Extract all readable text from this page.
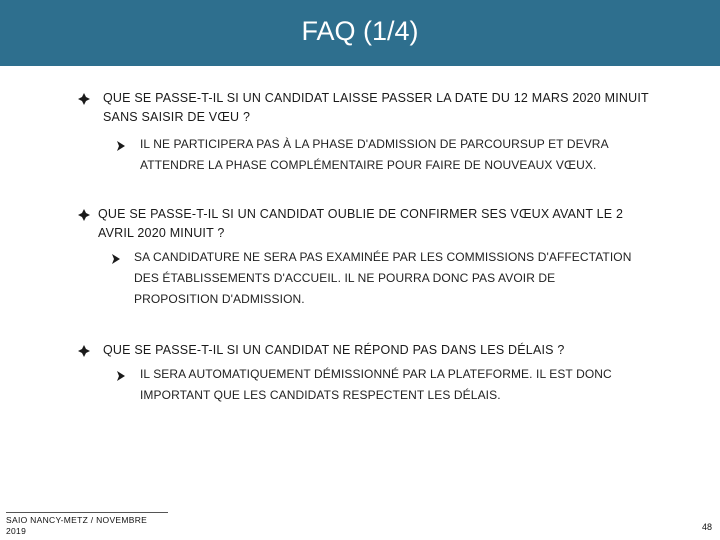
FAQ (1/4)
QUE SE PASSE-T-IL SI UN CANDIDAT LAISSE PASSER LA DATE DU 12 MARS 2020 MINUIT SANS SAISIR DE VŒU ?
IL NE PARTICIPERA PAS À LA PHASE D'ADMISSION DE PARCOURSUP ET DEVRA ATTENDRE LA PHASE COMPLÉMENTAIRE POUR FAIRE DE NOUVEAUX VŒUX.
QUE SE PASSE-T-IL SI UN CANDIDAT OUBLIE DE CONFIRMER SES VŒUX AVANT LE 2 AVRIL 2020 MINUIT ?
SA CANDIDATURE NE SERA PAS EXAMINÉE PAR LES COMMISSIONS D'AFFECTATION DES ÉTABLISSEMENTS D'ACCUEIL. IL NE POURRA DONC PAS AVOIR DE PROPOSITION D'ADMISSION.
QUE SE PASSE-T-IL SI UN CANDIDAT NE RÉPOND PAS DANS LES DÉLAIS ?
IL SERA AUTOMATIQUEMENT DÉMISSIONNÉ PAR LA PLATEFORME. IL EST DONC IMPORTANT QUE LES CANDIDATS RESPECTENT LES DÉLAIS.
SAIO NANCY-METZ / NOVEMBRE 2019	48
